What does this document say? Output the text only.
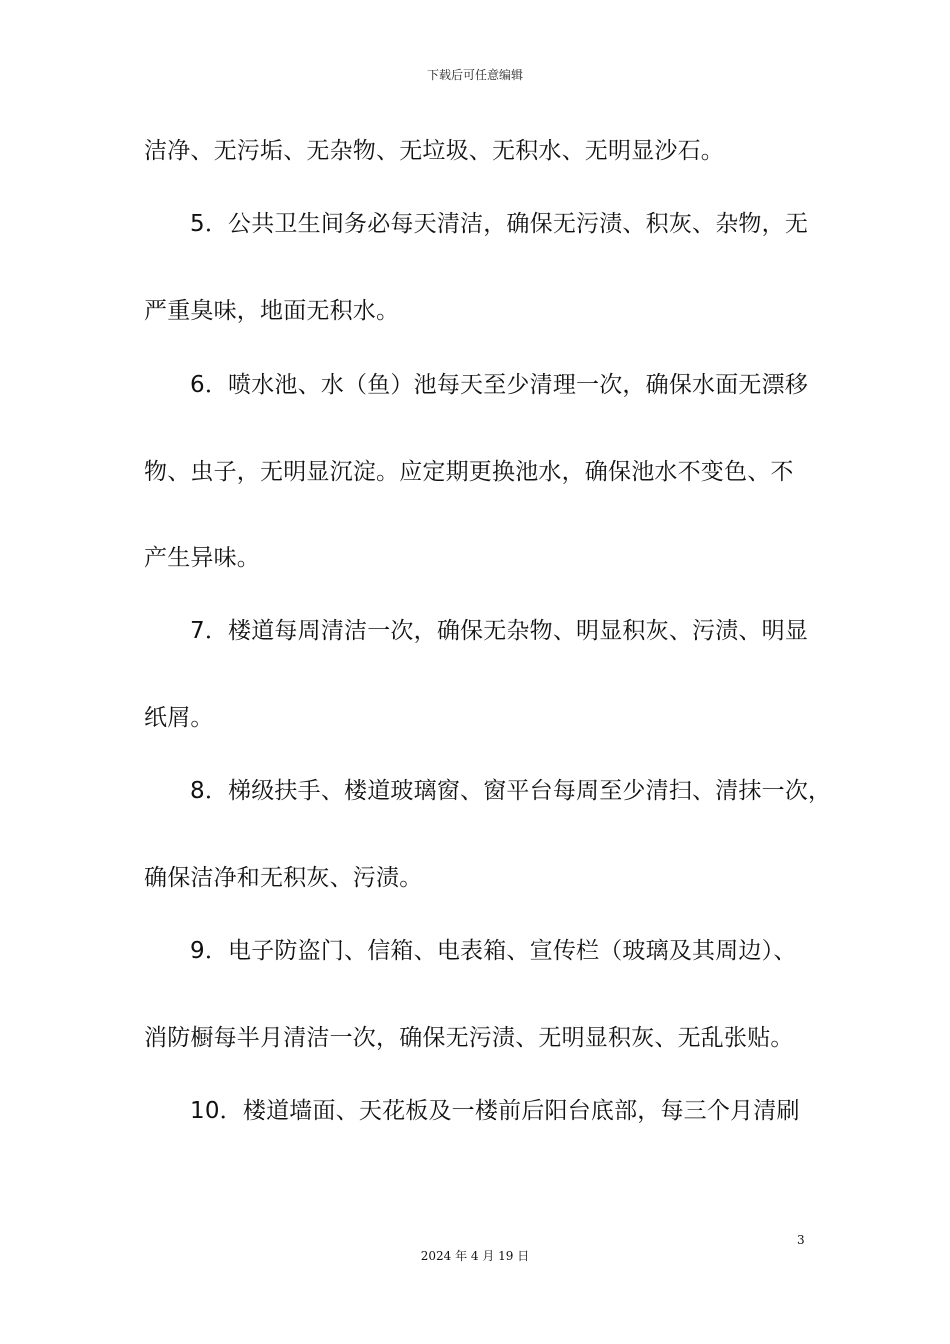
下载后可任意编辑
洁净、无污垢、无杂物、无垃圾、无积水、无明显沙石。
5．公共卫生间务必每天清洁，确保无污渍、积灰、杂物，无
严重臭味，地面无积水。
6．喷水池、水（鱼）池每天至少清理一次，确保水面无漂移
物、虫子，无明显沉淀。应定期更换池水，确保池水不变色、不
产生异味。
7．楼道每周清洁一次，确保无杂物、明显积灰、污渍、明显
纸屑。
8．梯级扶手、楼道玻璃窗、窗平台每周至少清扫、清抹一次，
确保洁净和无积灰、污渍。
9．电子防盗门、信箱、电表箱、宣传栏（玻璃及其周边）、
消防橱每半月清洁一次，确保无污渍、无明显积灰、无乱张贴。
10．楼道墙面、天花板及一楼前后阳台底部，每三个月清刷
3
2024 年 4 月 19 日
